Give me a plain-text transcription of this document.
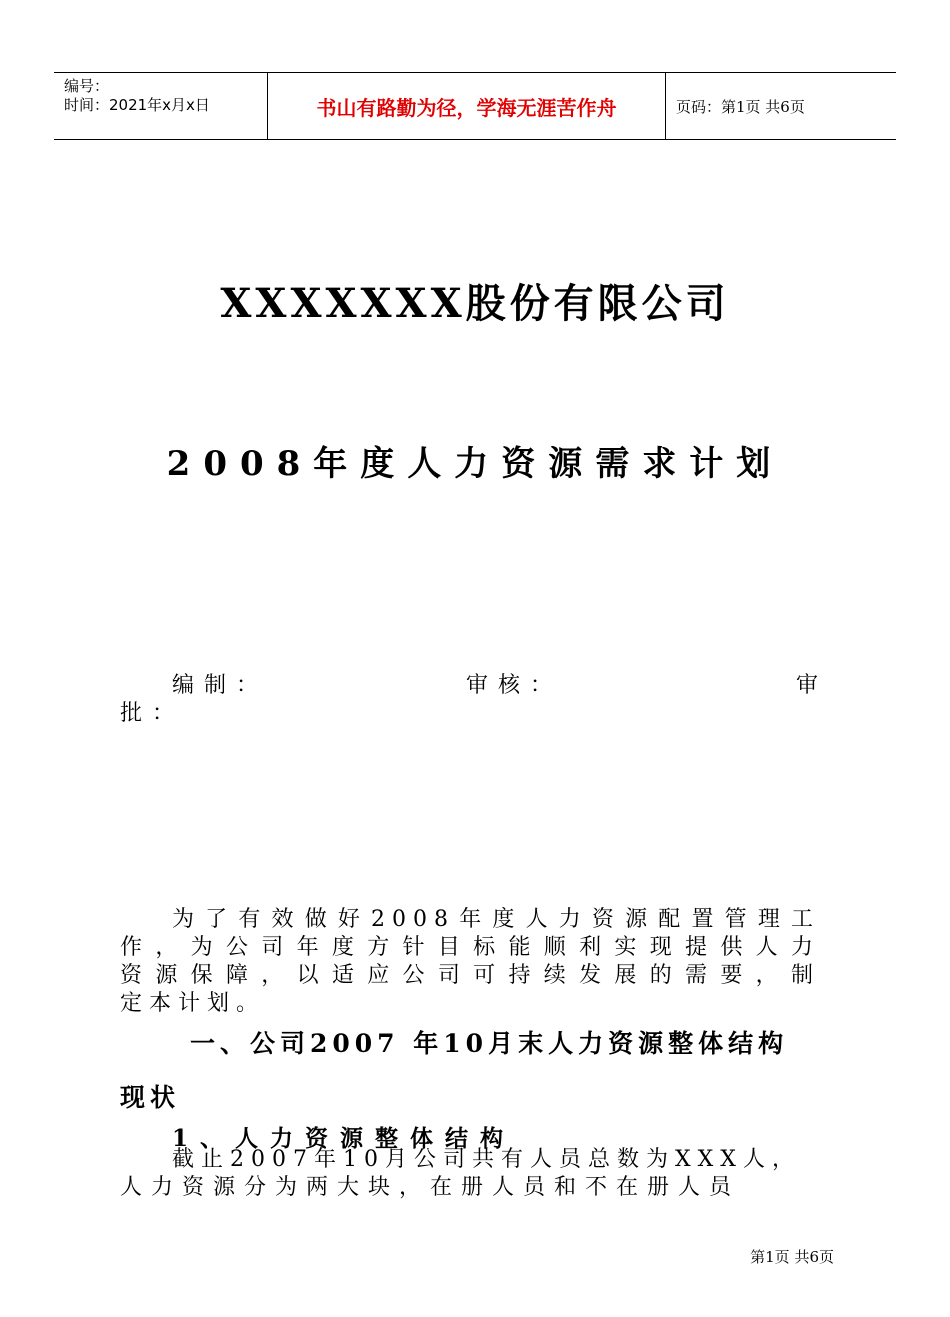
编号：
时间：2021年x月x日	书山有路勤为径，学海无涯苦作舟	页码：第1页 共6页
XXXXXXX股份有限公司
2008年度人力资源需求计划
编制：	审核：	审
批：
为了有效做好2008年度人力资源配置管理工
作，为公司年度方针目标能顺利实现提供人力
资源保障，以适应公司可持续发展的需要，制
定本计划。
一、公司2007 年10月末人力资源整体结构
现状
1、人力资源整体结构
截止2007年10月公司共有人员总数为XXX人，
人力资源分为两大块，在册人员和不在册人员
第1页 共6页
